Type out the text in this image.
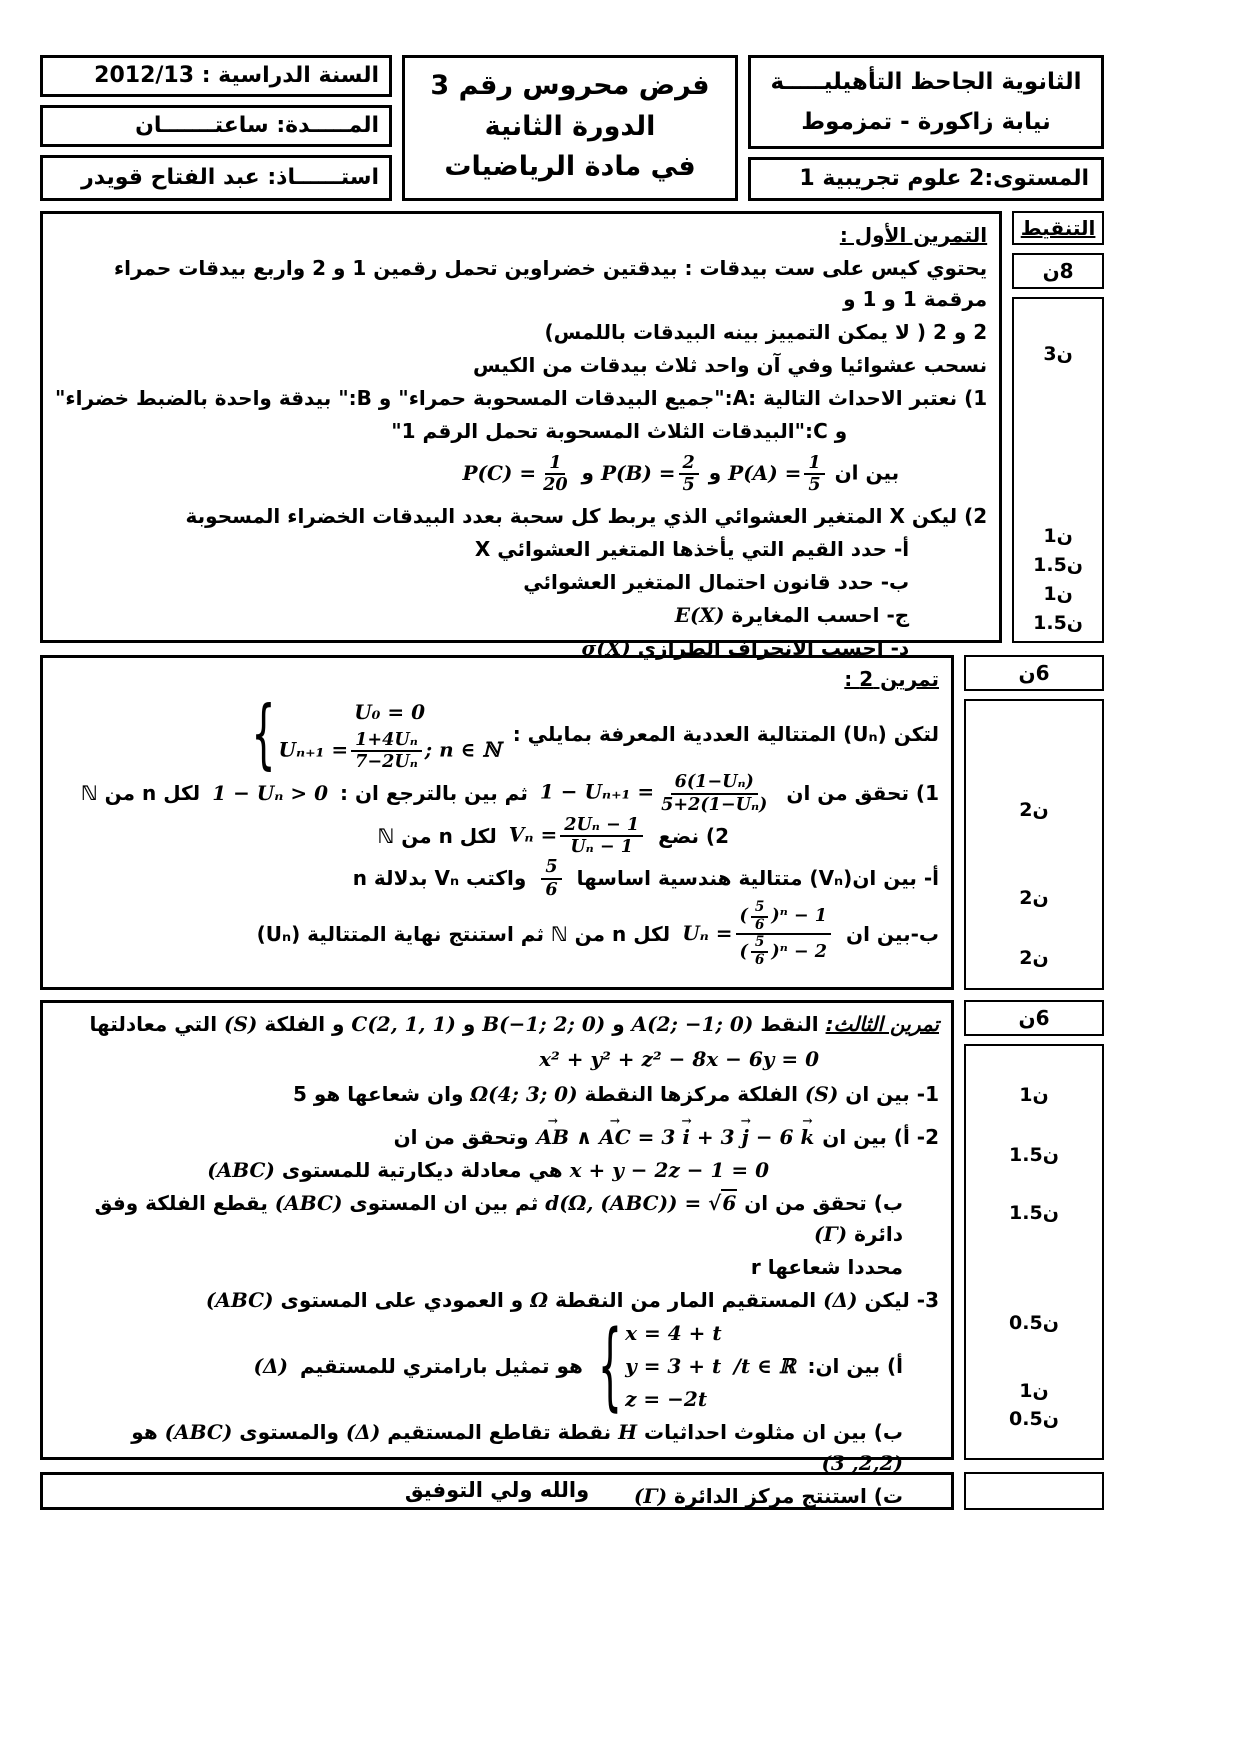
الثانوية الجاحظ التأهيليـــــة
نيابة زاكورة - تمزموط
المستوى:2 علوم تجريبية 1
فرض محروس رقم 3
الدورة الثانية
في مادة الرياضيات
السنة الدراسية : 2012/13
المـــــدة: ساعتـــــــان
استــــــاذ: عبد الفتاح قويدر
التنقيط
8ن
3ن
1ن
1.5ن
1ن
1.5ن
التمرين الأول :
يحتوي كيس على ست بيدقات : بيدقتين خضراوين تحمل رقمين 1 و 2 واربع بيدقات حمراء مرقمة 1 و 1 و
2 و 2 ( لا يمكن التمييز بينه البيدقات باللمس)
نسحب عشوائيا وفي آن واحد ثلاث بيدقات من الكيس
1) نعتبر الاحداث التالية :A:"جميع البيدقات المسحوبة حمراء" و B:" بيدقة واحدة بالضبط خضراء"
و C:"البيدقات الثلاث المسحوبة تحمل الرقم 1"
بين ان $P(A) = \frac{1}{5}$
و $P(B) = \frac{2}{5}$
و $P(C) = \frac{1}{20}$
2) ليكن X المتغير العشوائي الذي يربط كل سحبة بعدد البيدقات الخضراء المسحوبة
أ- حدد القيم التي يأخذها المتغير العشوائي X
ب- حدد قانون احتمال المتغير العشوائي
ج- احسب المغايرة E(X)
د- احسب الانحراف الطرازي σ(X)
6ن
2ن
2ن
2ن
تمرين 2 :
لتكن (Uₙ) المتتالية العددية المعرفة بمايلي :
{	U₀ = 0
$U_{n+1} = \frac{\text{1+4Uₙ}}{\text{7−2Uₙ}}$ ; n ∈ ℕ
1) تحقق من ان
$1 - U_{n+1} = \frac{\text{6(1−Uₙ)}}{\text{5+2(1−Uₙ)}}$
ثم بين بالترجع ان :
1 − Uₙ > 0
لكل n من ℕ
2) نضع
$V_n = \frac{\text{2Uₙ − 1}}{\text{Uₙ − 1}}$
لكل n من ℕ
أ- بين ان(Vₙ) متتالية هندسية اساسها
$\frac{5}{6}$
واكتب Vₙ بدلالة n
ب-بين ان
$U_n = \frac{( \frac{5}{6} )^n - 1}{( \frac{5}{6} )^n - 2}$
لكل n من ℕ ثم استنتج نهاية المتتالية (Uₙ)
6ن
1ن
1.5ن
1.5ن
0.5ن
1ن
0.5ن
تمرين الثالث: النقط A(2; −1; 0) و B(−1; 2; 0) و C(2, 1, 1) و الفلكة (S) التي معادلتها
x² + y² + z² − 8x − 6y = 0
1- بين ان (S) الفلكة مركزها النقطة Ω(4; 3; 0) وان شعاعها هو 5
2- أ) بين ان
→
AB ∧
→
AC = 3
→
i + 3
→
j − 6
→
k
وتحقق من ان
x + y − 2z − 1 = 0 هي معادلة ديكارتية للمستوى (ABC)
ب) تحقق من ان d(Ω, (ABC)) = √6 ثم بين ان المستوى (ABC) يقطع الفلكة وفق دائرة (Γ)
محددا شعاعها r
3- ليكن (Δ) المستقيم المار من النقطة Ω و العمودي على المستوى (ABC)
أ) بين ان:
/t ∈ ℝ
{ x = 4 + t
y = 3 + t
z = −2t
هو تمثيل بارامتري للمستقيم
(Δ)
ب) بين ان مثلوث احداثيات H نقطة تقاطع المستقيم (Δ) والمستوى (ABC) هو (3 ,2,2)
ت) استنتج مركز الدائرة (Γ)
والله ولي التوفيق
